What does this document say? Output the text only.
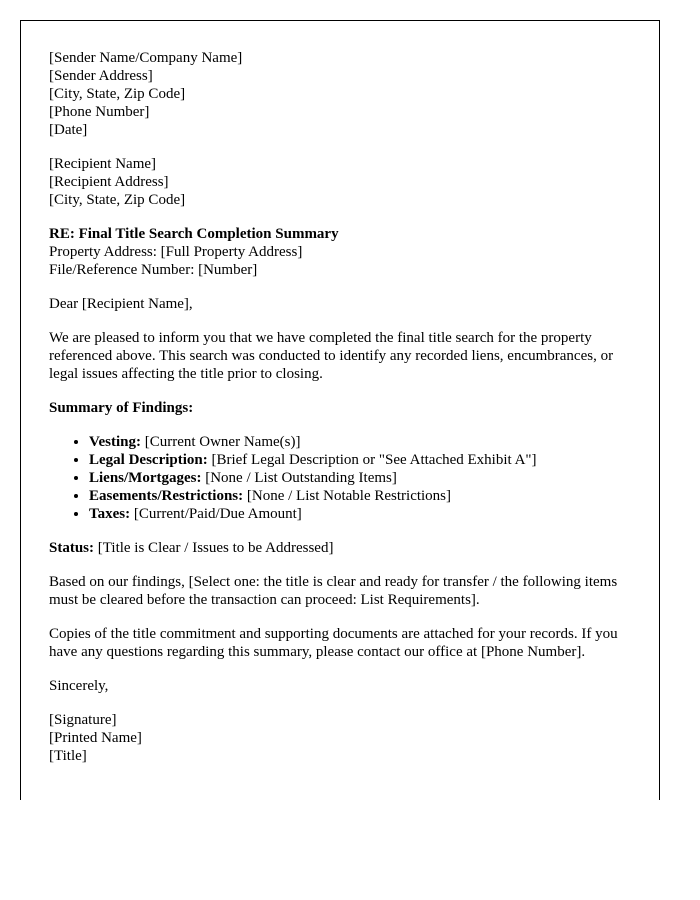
[Sender Name/Company Name]
[Sender Address]
[City, State, Zip Code]
[Phone Number]
[Date]
[Recipient Name]
[Recipient Address]
[City, State, Zip Code]
RE: Final Title Search Completion Summary
Property Address: [Full Property Address]
File/Reference Number: [Number]

Dear [Recipient Name],

We are pleased to inform you that we have completed the final title search for the property referenced above. This search was conducted to identify any recorded liens, encumbrances, or legal issues affecting the title prior to closing.

Summary of Findings:

• Vesting: [Current Owner Name(s)]
• Legal Description: [Brief Legal Description or "See Attached Exhibit A"]
• Liens/Mortgages: [None / List Outstanding Items]
• Easements/Restrictions: [None / List Notable Restrictions]
• Taxes: [Current/Paid/Due Amount]

Status: [Title is Clear / Issues to be Addressed]

Based on our findings, [Select one: the title is clear and ready for transfer / the following items must be cleared before the transaction can proceed: List Requirements].

Copies of the title commitment and supporting documents are attached for your records. If you have any questions regarding this summary, please contact our office at [Phone Number].

Sincerely,

[Signature]
[Printed Name]
[Title]
